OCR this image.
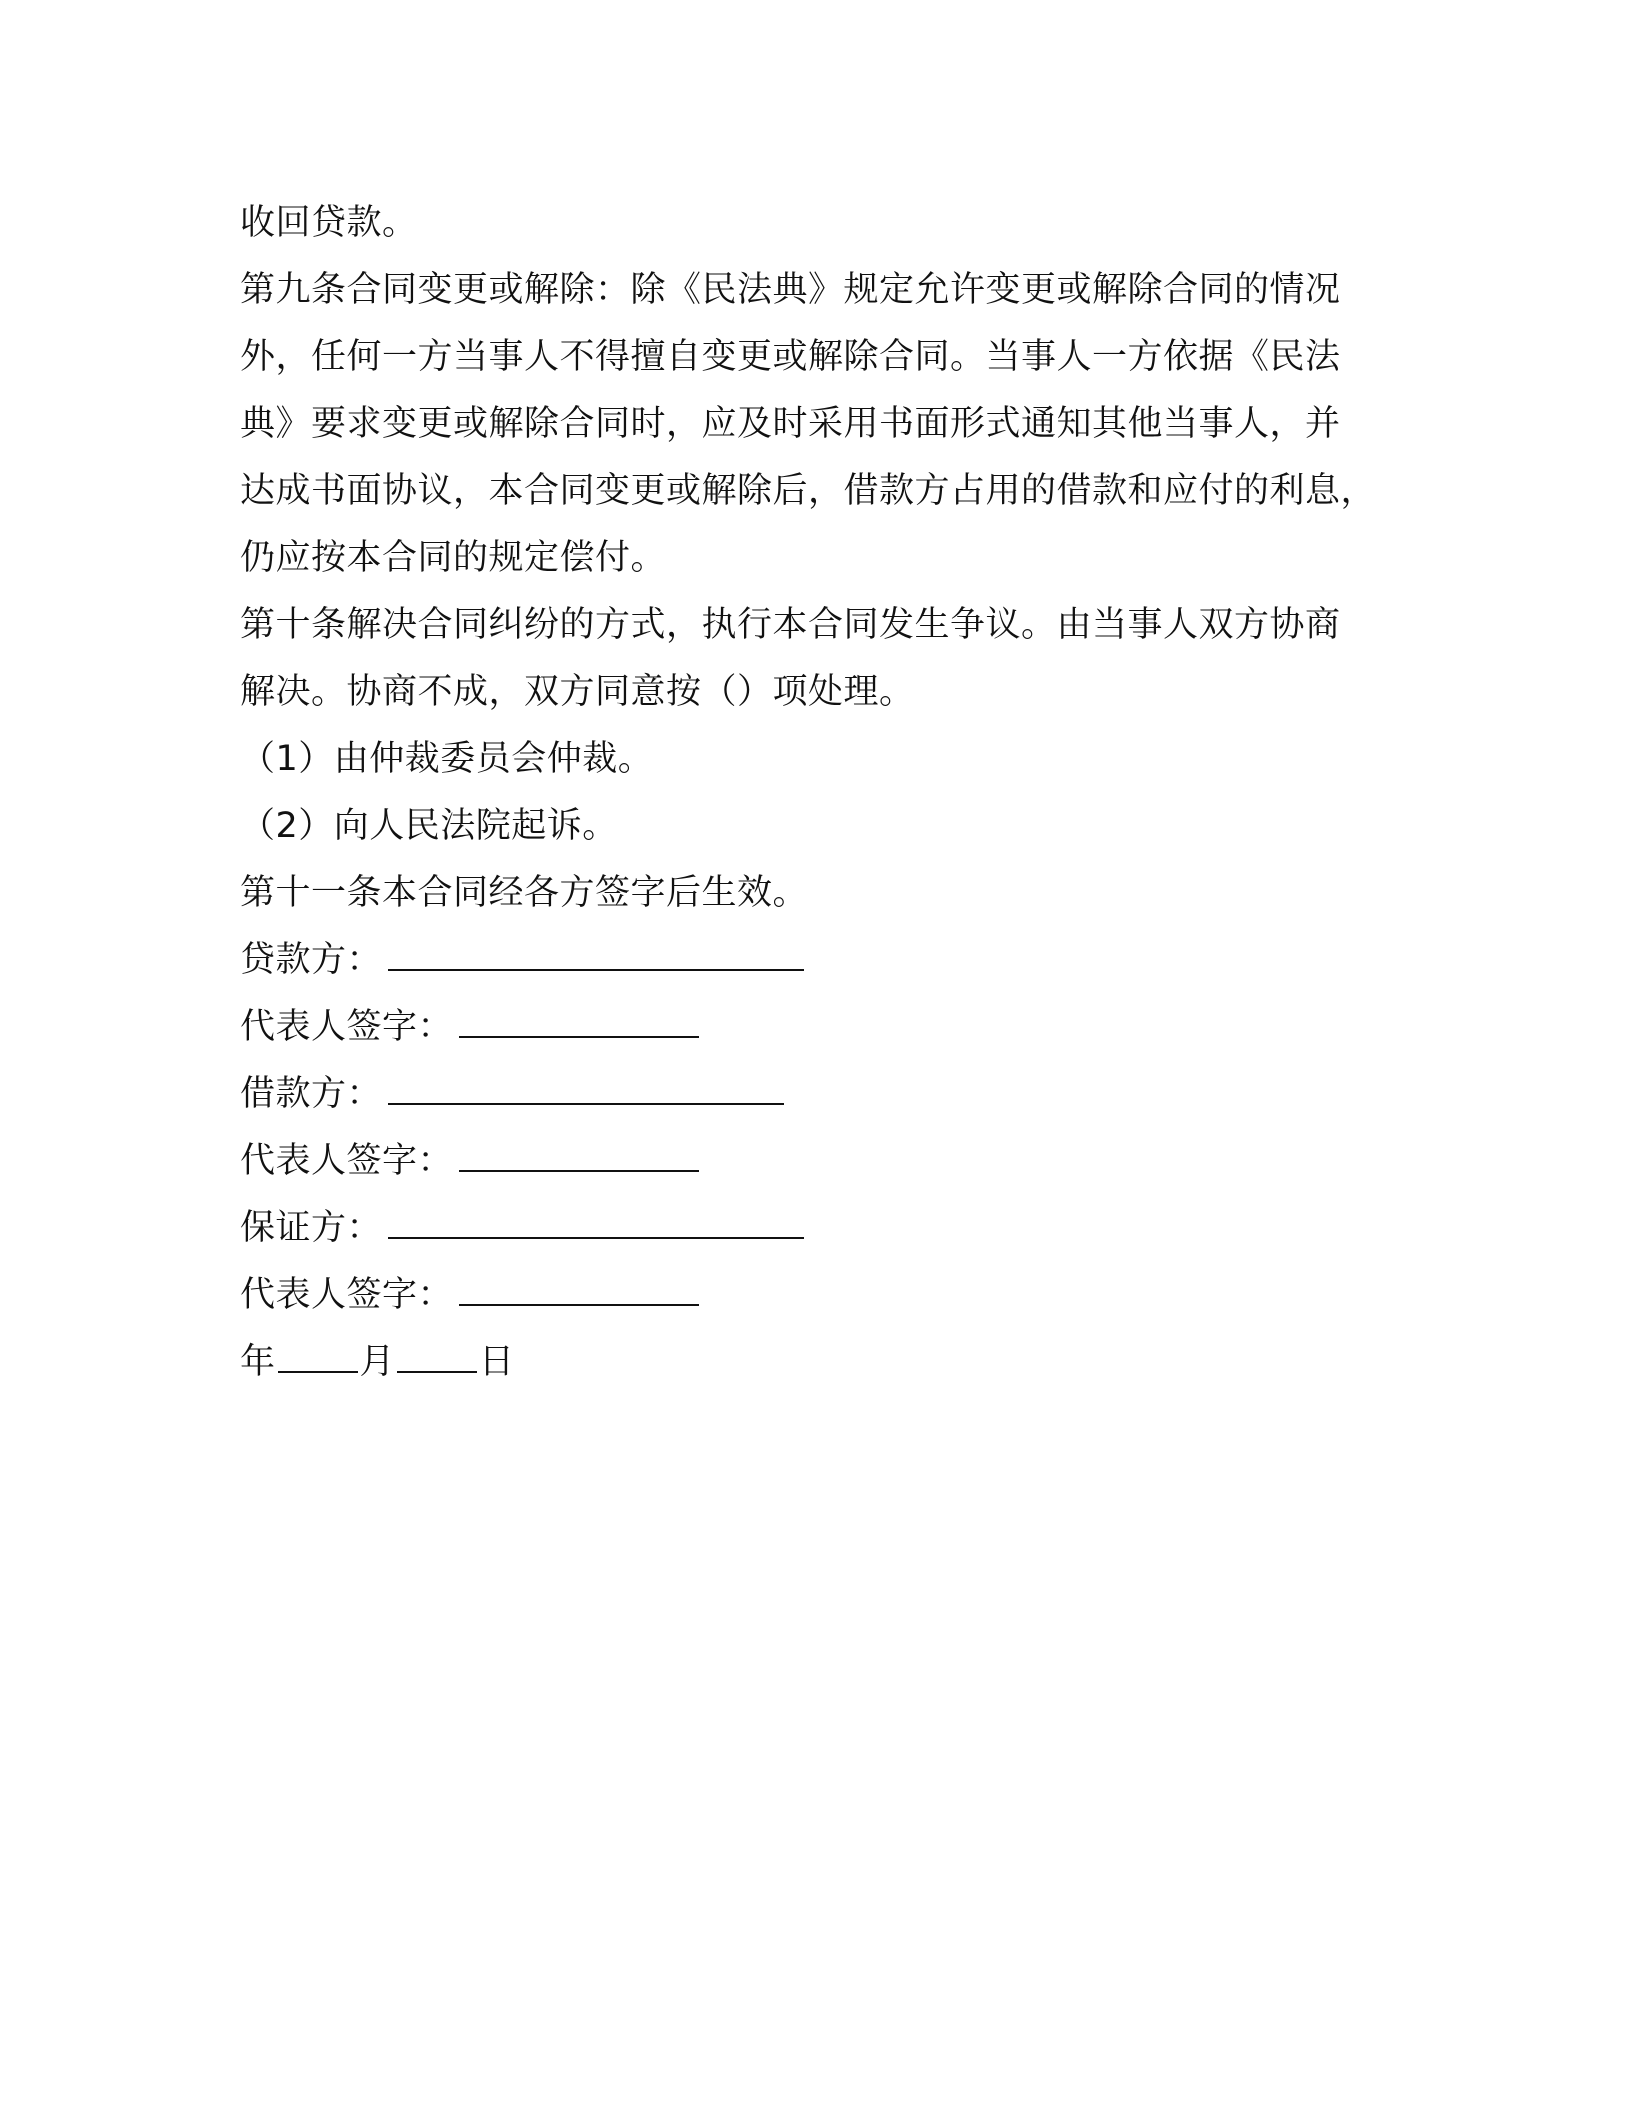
收回贷款。
第九条合同变更或解除：除《民法典》规定允许变更或解除合同的情况
外，任何一方当事人不得擅自变更或解除合同。当事人一方依据《民法
典》要求变更或解除合同时，应及时采用书面形式通知其他当事人，并
达成书面协议，本合同变更或解除后，借款方占用的借款和应付的利息，
仍应按本合同的规定偿付。
第十条解决合同纠纷的方式，执行本合同发生争议。由当事人双方协商
解决。协商不成，双方同意按（）项处理。
（1）由仲裁委员会仲裁。
（2）向人民法院起诉。
第十一条本合同经各方签字后生效。
贷款方：
代表人签字：
借款方：
代表人签字：
保证方：
代表人签字：
年 月 日
